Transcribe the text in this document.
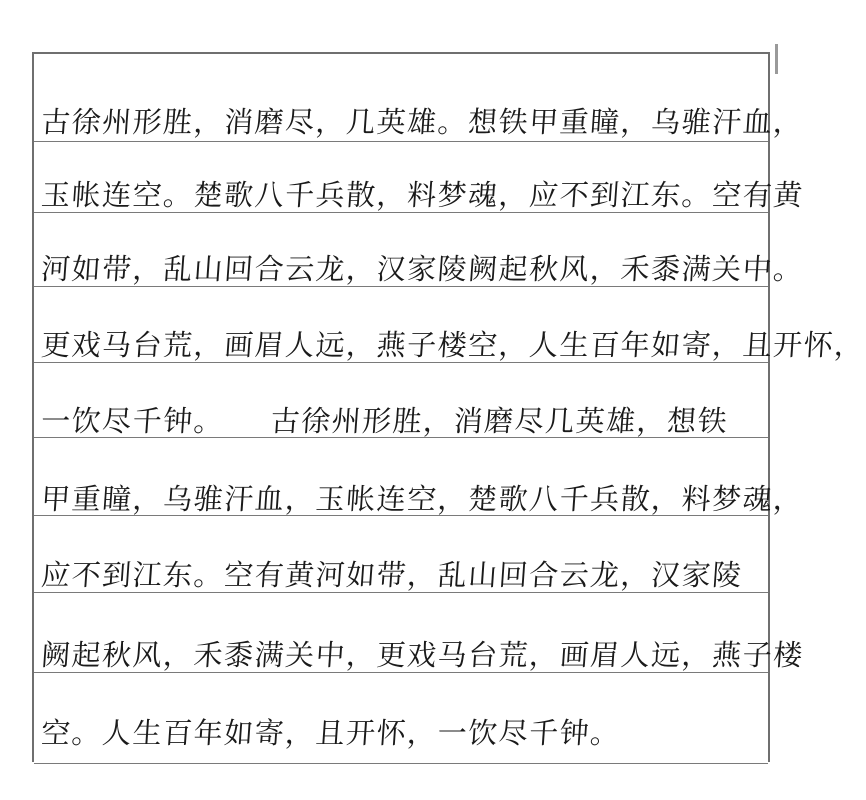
古徐州形胜，消磨尽，几英雄。想铁甲重瞳，乌骓汗血，
玉帐连空。楚歌八千兵散，料梦魂，应不到江东。空有黄
河如带，乱山回合云龙，汉家陵阙起秋风，禾黍满关中。
更戏马台荒，画眉人远，燕子楼空，人生百年如寄，且开怀，
一饮尽千钟。　　古徐州形胜，消磨尽几英雄，想铁
甲重瞳，乌骓汗血，玉帐连空，楚歌八千兵散，料梦魂，
应不到江东。空有黄河如带，乱山回合云龙，汉家陵
阙起秋风，禾黍满关中，更戏马台荒，画眉人远，燕子楼
空。人生百年如寄，且开怀，一饮尽千钟。
